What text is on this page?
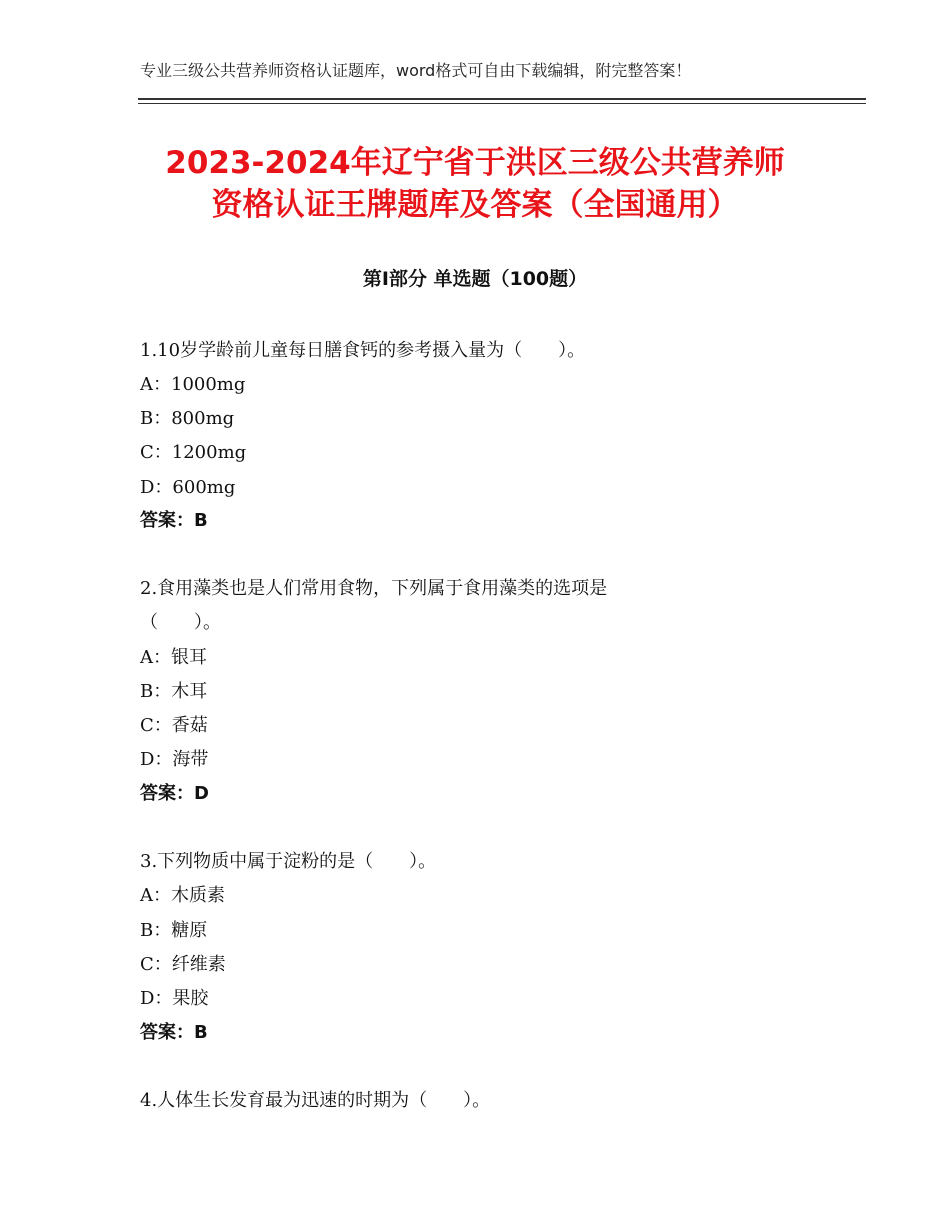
专业三级公共营养师资格认证题库，word格式可自由下载编辑，附完整答案！
2023-2024年辽宁省于洪区三级公共营养师
资格认证王牌题库及答案（全国通用）
第Ⅰ部分 单选题（100题）
1.10岁学龄前儿童每日膳食钙的参考摄入量为（　　）。
A：1000mg
B：800mg
C：1200mg
D：600mg
答案：B
2.食用藻类也是人们常用食物，下列属于食用藻类的选项是
（　　）。
A：银耳
B：木耳
C：香菇
D：海带
答案：D
3.下列物质中属于淀粉的是（　　）。
A：木质素
B：糖原
C：纤维素
D：果胶
答案：B
4.人体生长发育最为迅速的时期为（　　）。
